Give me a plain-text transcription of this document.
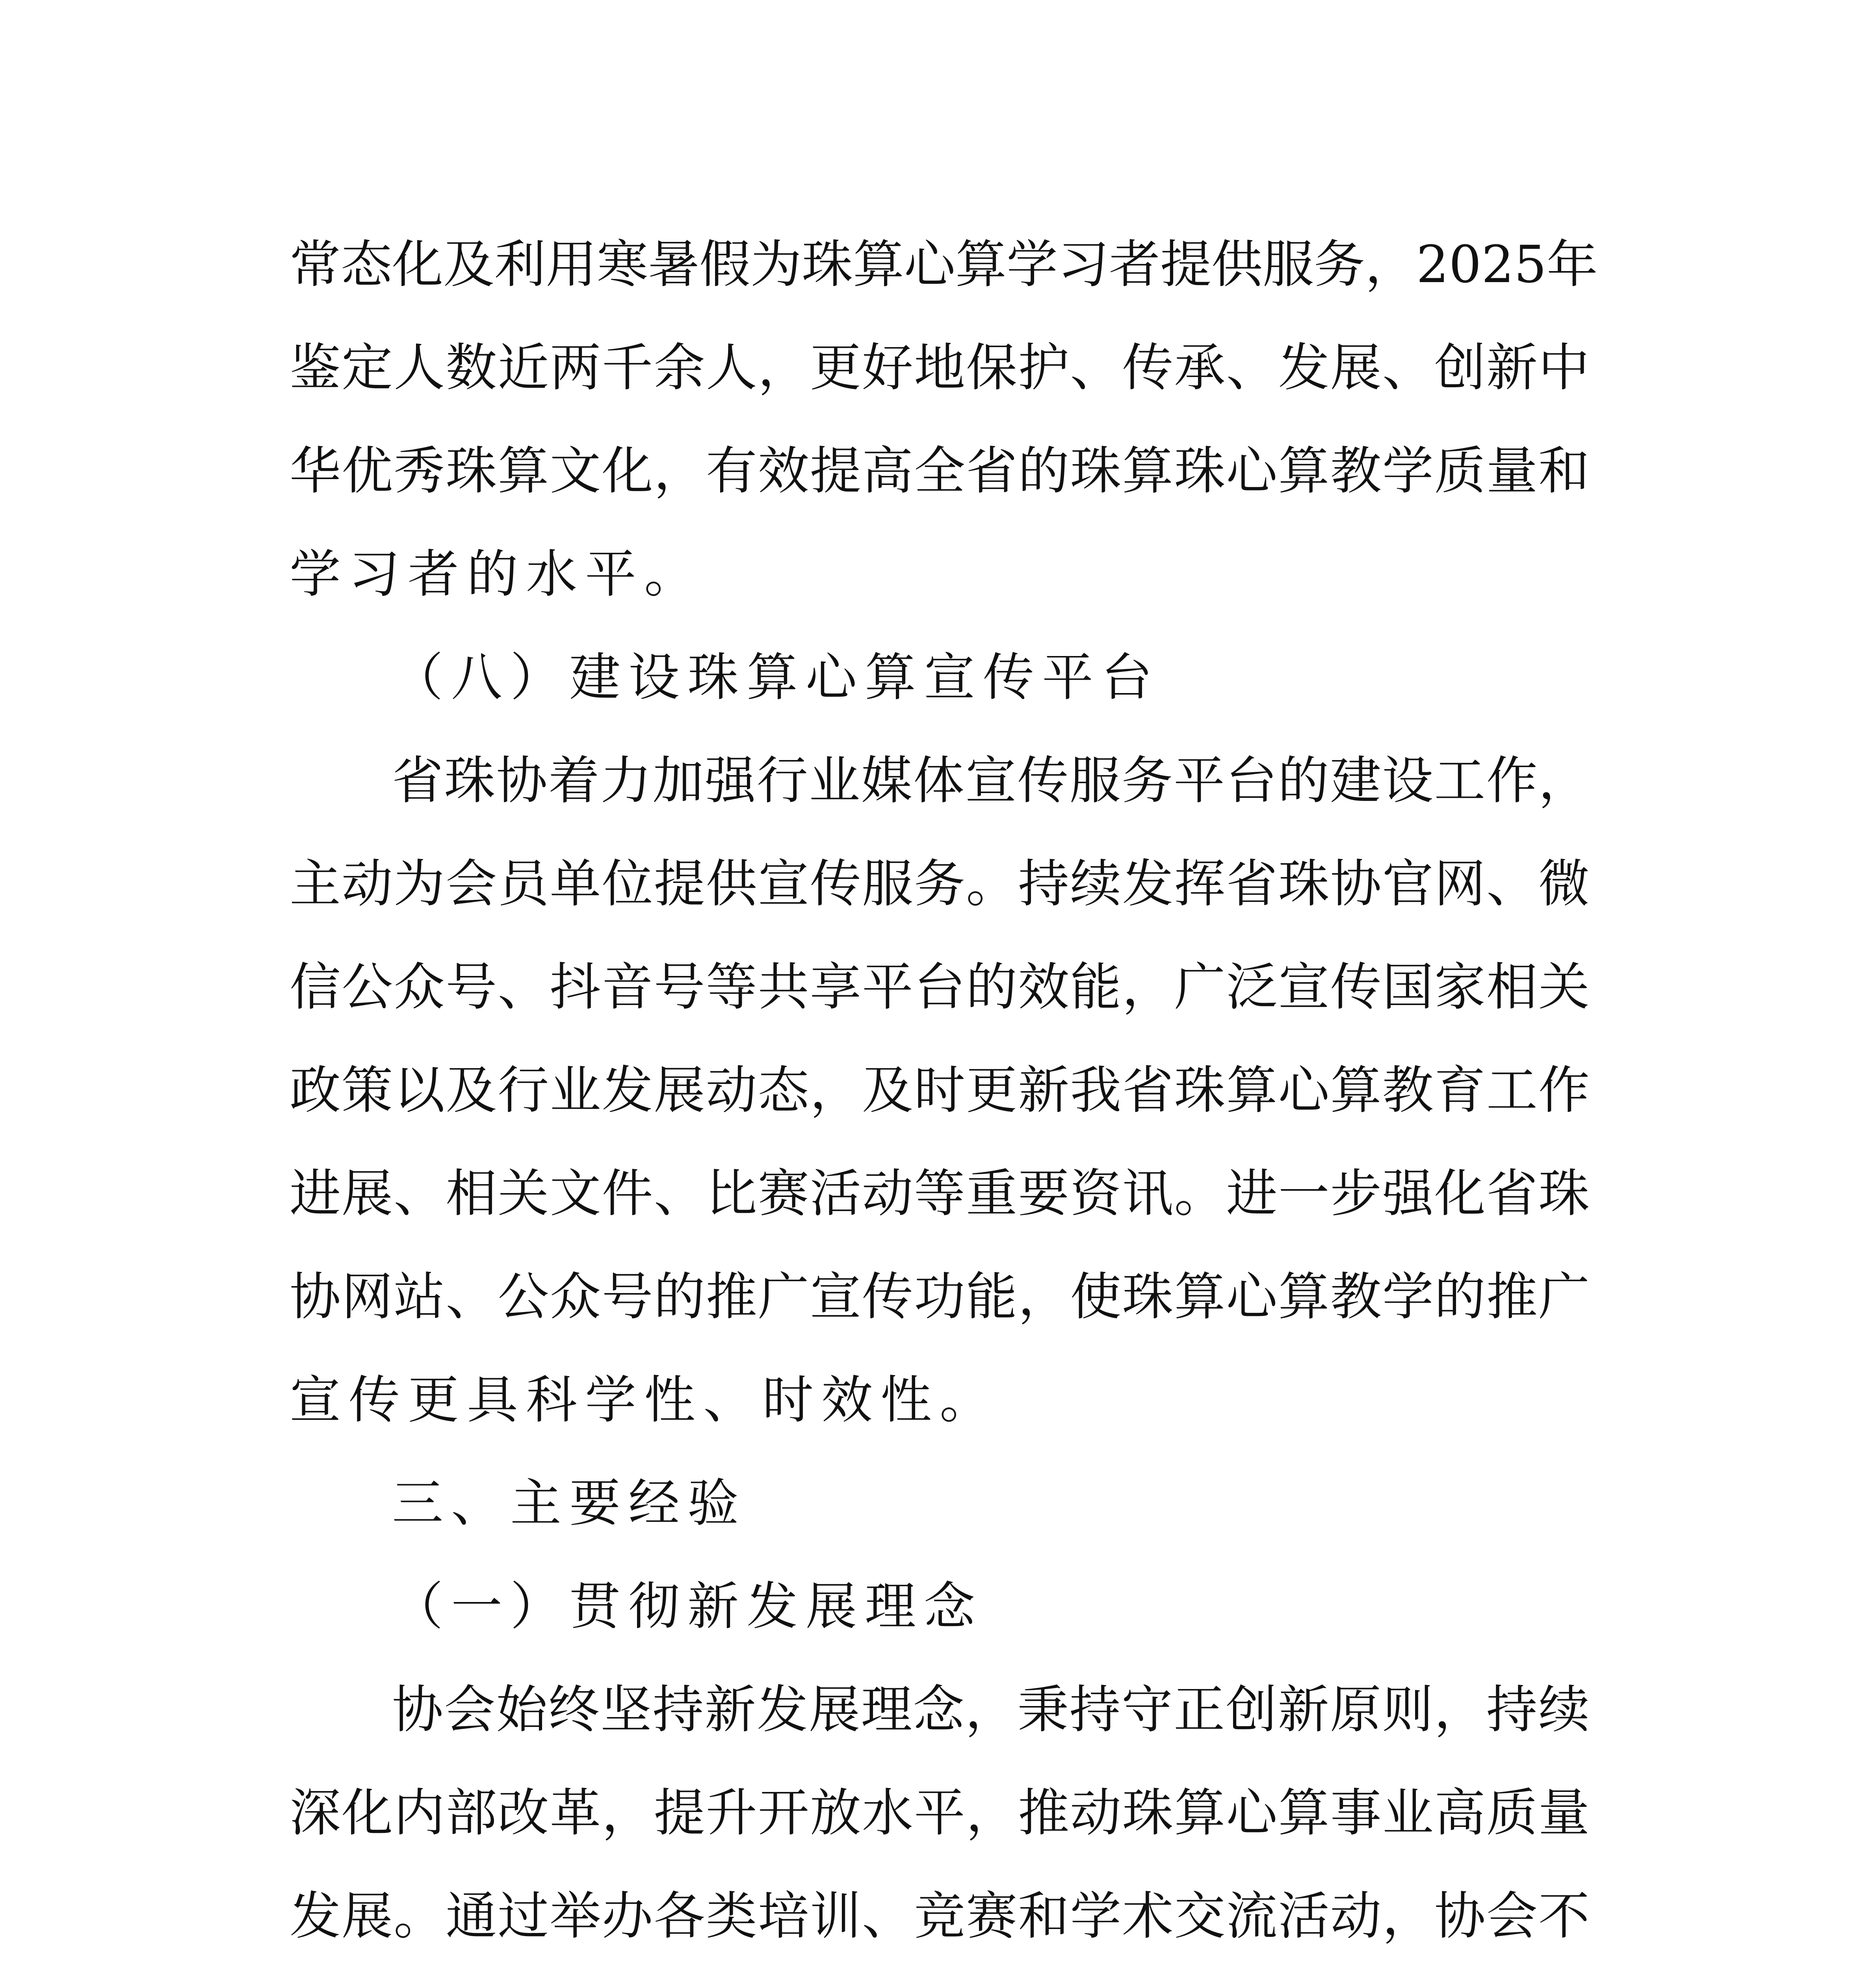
常态化及利用寒暑假为珠算心算学习者提供服务，2025年

鉴定人数近两千余人，更好地保护、传承、发展、创新中

华优秀珠算文化，有效提高全省的珠算珠心算教学质量和

学习者的水平。

（八）建设珠算心算宣传平台

省珠协着力加强行业媒体宣传服务平台的建设工作，

主动为会员单位提供宣传服务。持续发挥省珠协官网、微

信公众号、抖音号等共享平台的效能，广泛宣传国家相关

政策以及行业发展动态，及时更新我省珠算心算教育工作

进展、相关文件、比赛活动等重要资讯。进一步强化省珠

协网站、公众号的推广宣传功能，使珠算心算教学的推广

宣传更具科学性、时效性。

三、主要经验

（一）贯彻新发展理念

协会始终坚持新发展理念，秉持守正创新原则，持续

深化内部改革，提升开放水平，推动珠算心算事业高质量

发展。通过举办各类培训、竞赛和学术交流活动，协会不
